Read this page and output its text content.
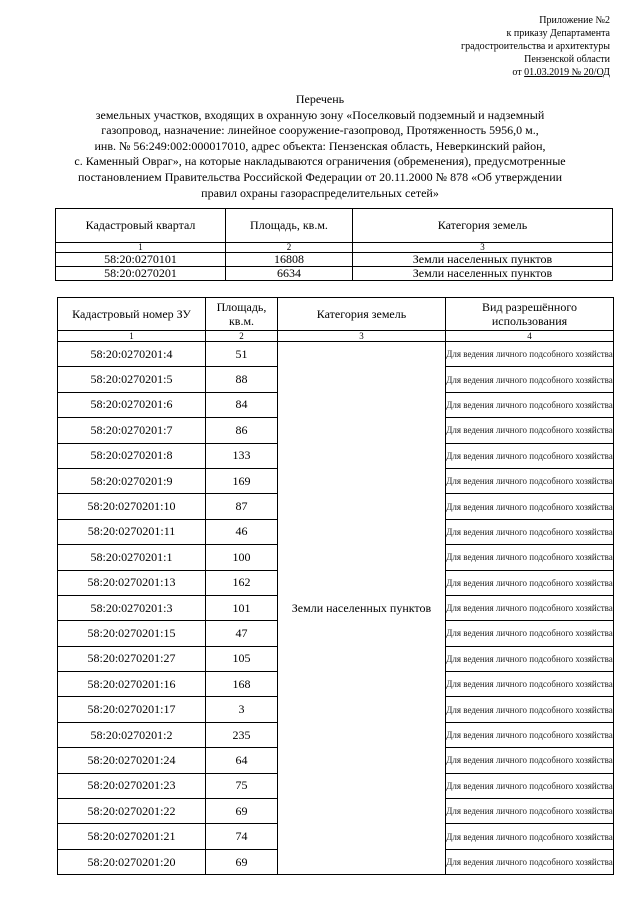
Приложение №2
к приказу Департамента
градостроительства и архитектуры
Пензенской области
от 01.03.2019 № 20/ОД
Перечень
земельных участков, входящих в охранную зону «Поселковый подземный и надземный
газопровод, назначение: линейное сооружение-газопровод, Протяженность 5956,0 м.,
инв. № 56:249:002:000017010, адрес объекта: Пензенская область, Неверкинский район,
с. Каменный Овраг», на которые накладываются ограничения (обременения), предусмотренные
постановлением Правительства Российской Федерации от 20.11.2000 № 878 «Об утверждении
правил охраны газораспределительных сетей»
Кадастровый квартал	Площадь, кв.м.	Категория земель
1	2	3
58:20:0270101	16808	Земли населенных пунктов
58:20:0270201	6634	Земли населенных пунктов
Кадастровый номер ЗУ	Площадь, кв.м.	Категория земель	Вид разрешённого использования
1	2	3	4
58:20:0270201:4	51	Земли населенных пунктов	Для ведения личного подсобного хозяйства
58:20:0270201:5	88		Для ведения личного подсобного хозяйства
58:20:0270201:6	84		Для ведения личного подсобного хозяйства
58:20:0270201:7	86		Для ведения личного подсобного хозяйства
58:20:0270201:8	133		Для ведения личного подсобного хозяйства
58:20:0270201:9	169		Для ведения личного подсобного хозяйства
58:20:0270201:10	87		Для ведения личного подсобного хозяйства
58:20:0270201:11	46		Для ведения личного подсобного хозяйства
58:20:0270201:1	100		Для ведения личного подсобного хозяйства
58:20:0270201:13	162		Для ведения личного подсобного хозяйства
58:20:0270201:3	101		Для ведения личного подсобного хозяйства
58:20:0270201:15	47		Для ведения личного подсобного хозяйства
58:20:0270201:27	105		Для ведения личного подсобного хозяйства
58:20:0270201:16	168		Для ведения личного подсобного хозяйства
58:20:0270201:17	3		Для ведения личного подсобного хозяйства
58:20:0270201:2	235		Для ведения личного подсобного хозяйства
58:20:0270201:24	64		Для ведения личного подсобного хозяйства
58:20:0270201:23	75		Для ведения личного подсобного хозяйства
58:20:0270201:22	69		Для ведения личного подсобного хозяйства
58:20:0270201:21	74		Для ведения личного подсобного хозяйства
58:20:0270201:20	69		Для ведения личного подсобного хозяйства
